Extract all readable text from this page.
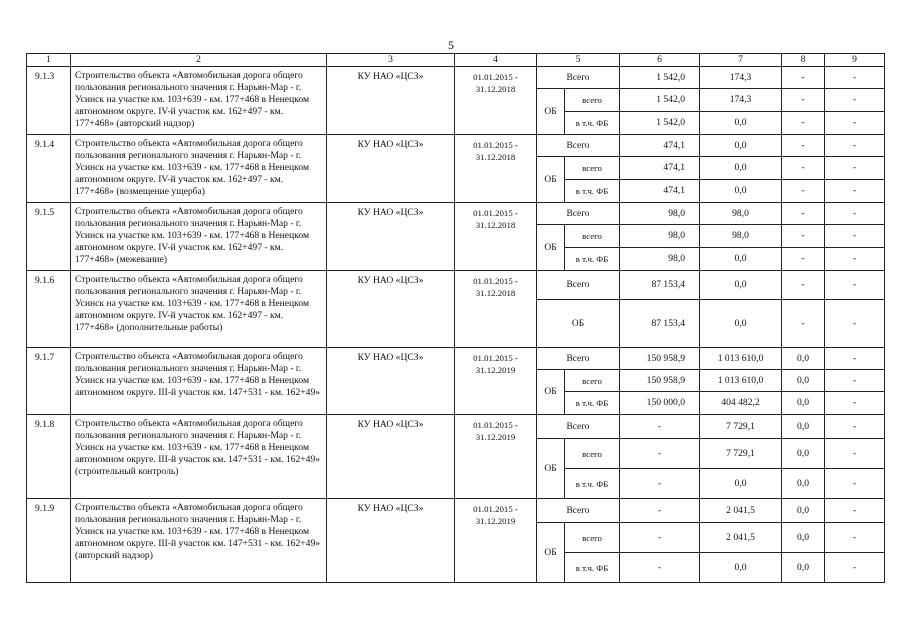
5
1	2	3	4	5		6	7	8	9
9.1.3	Строительство объекта «Автомобильная дорога общего пользования регионального значения г. Нарьян-Мар - г. Усинск на участке км. 103+639 - км. 177+468 в Ненецком автономном округе. IV-й участок км. 162+497 - км. 177+468» (авторский надзор)	КУ НАО «ЦСЗ»	01.01.2015 - 31.12.2018	Всего		1 542,0	174,3	-	-
				ОБ	всего	1 542,0	174,3	-	-
					в т.ч. ФБ	1 542,0	0,0	-	-
9.1.4	Строительство объекта «Автомобильная дорога общего пользования регионального значения г. Нарьян-Мар - г. Усинск на участке км. 103+639 - км. 177+468 в Ненецком автономном округе. IV-й участок км. 162+497 - км. 177+468» (возмещение ущерба)	КУ НАО «ЦСЗ»	01.01.2015 - 31.12.2018	Всего		474,1	0,0	-	-
				ОБ	всего	474,1	0,0	-	-
					в т.ч. ФБ	474,1	0,0	-	-
9.1.5	Строительство объекта «Автомобильная дорога общего пользования регионального значения г. Нарьян-Мар - г. Усинск на участке км. 103+639 - км. 177+468 в Ненецком автономном округе. IV-й участок км. 162+497 - км. 177+468» (межевание)	КУ НАО «ЦСЗ»	01.01.2015 - 31.12.2018	Всего		98,0	98,0	-	-
				ОБ	всего	98,0	98,0	-	-
					в т.ч. ФБ	98,0	0,0	-	-
9.1.6	Строительство объекта «Автомобильная дорога общего пользования регионального значения г. Нарьян-Мар - г. Усинск на участке км. 103+639 - км. 177+468 в Ненецком автономном округе. IV-й участок км. 162+497 - км. 177+468» (дополнительные работы)	КУ НАО «ЦСЗ»	01.01.2015 - 31.12.2018	Всего		87 153,4	0,0	-	-
				ОБ		87 153,4	0,0	-	-
9.1.7	Строительство объекта «Автомобильная дорога общего пользования регионального значения г. Нарьян-Мар - г. Усинск на участке км. 103+639 - км. 177+468 в Ненецком автономном округе. III-й участок км. 147+531 - км. 162+49»	КУ НАО «ЦСЗ»	01.01.2015 - 31.12.2019	Всего		150 958,9	1 013 610,0	0,0	-
				ОБ	всего	150 958,9	1 013 610,0	0,0	-
					в т.ч. ФБ	150 000,0	404 482,2	0,0	-
9.1.8	Строительство объекта «Автомобильная дорога общего пользования регионального значения г. Нарьян-Мар - г. Усинск на участке км. 103+639 - км. 177+468 в Ненецком автономном округе. III-й участок км. 147+531 - км. 162+49» (строительный контроль)	КУ НАО «ЦСЗ»	01.01.2015 - 31.12.2019	Всего		-	7 729,1	0,0	-
				ОБ	всего	-	7 729,1	0,0	-
					в т.ч. ФБ	-	0,0	0,0	-
9.1.9	Строительство объекта «Автомобильная дорога общего пользования регионального значения г. Нарьян-Мар - г. Усинск на участке км. 103+639 - км. 177+468 в Ненецком автономном округе. III-й участок км. 147+531 - км. 162+49» (авторский надзор)	КУ НАО «ЦСЗ»	01.01.2015 - 31.12.2019	Всего		-	2 041,5	0,0	-
				ОБ	всего	-	2 041,5	0,0	-
					в т.ч. ФБ	-	0,0	0,0	-
